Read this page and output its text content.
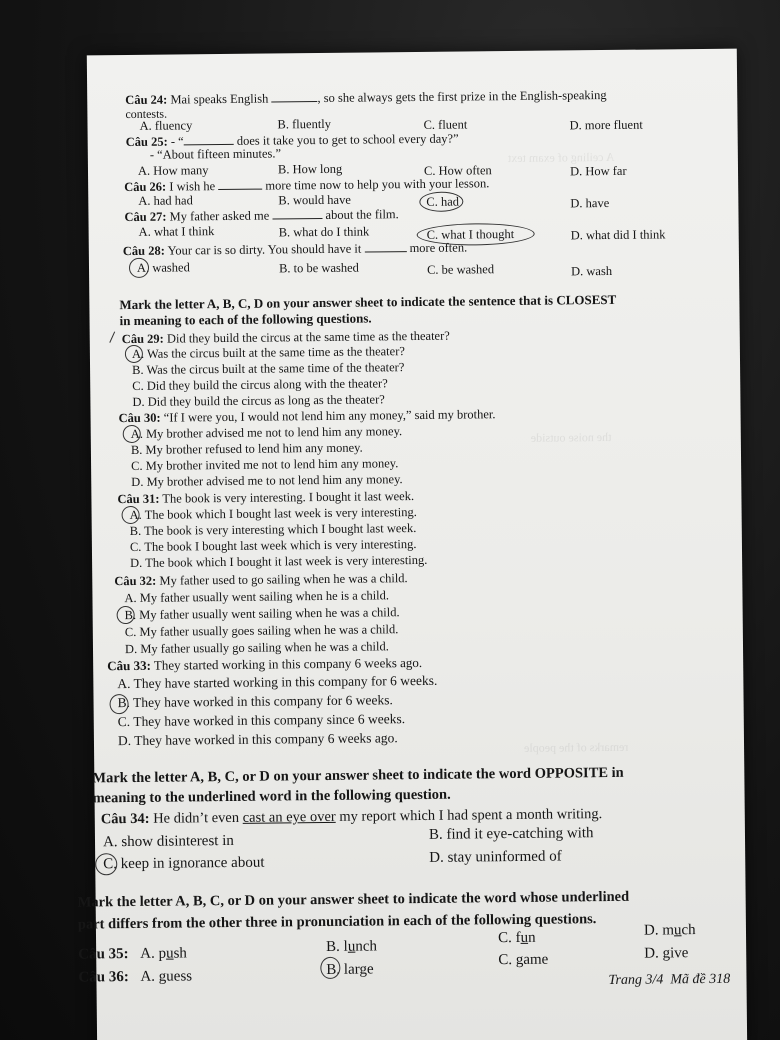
A ceiling of exam text
the noise outside
remarks of the people
Câu 24: Mai speaks English	, so she always gets the first prize in the English-speaking
contests.
A. fluency	B. fluently	C. fluent	D. more fluent
Câu 25: - “	does it take you to get to school every day?”
- “About fifteen minutes.”
A. How many	B. How long	C. How often	D. How far
Câu 26: I wish he	more time now to help you with your lesson.
A. had had	B. would have	C. had	D. have
Câu 27: My father asked me	about the film.
A. what I think	B. what do I think	C. what I thought	D. what did I think
Câu 28: Your car is so dirty. You should have it	more often.
A. washed	B. to be washed	C. be washed	D. wash
Mark the letter A, B, C, D on your answer sheet to indicate the sentence that is CLOSEST
in meaning to each of the following questions.
Câu 29: Did they build the circus at the same time as the theater?
A. Was the circus built at the same time as the theater?
B. Was the circus built at the same time of the theater?
C. Did they build the circus along with the theater?
D. Did they build the circus as long as the theater?
Câu 30: “If I were you, I would not lend him any money,” said my brother.
A. My brother advised me not to lend him any money.
B. My brother refused to lend him any money.
C. My brother invited me not to lend him any money.
D. My brother advised me to not lend him any money.
Câu 31: The book is very interesting. I bought it last week.
A. The book which I bought last week is very interesting.
B. The book is very interesting which I bought last week.
C. The book I bought last week which is very interesting.
D. The book which I bought it last week is very interesting.
Câu 32: My father used to go sailing when he was a child.
A. My father usually went sailing when he is a child.
B. My father usually went sailing when he was a child.
C. My father usually goes sailing when he was a child.
D. My father usually go sailing when he was a child.
Câu 33: They started working in this company 6 weeks ago.
A. They have started working in this company for 6 weeks.
B. They have worked in this company for 6 weeks.
C. They have worked in this company since 6 weeks.
D. They have worked in this company 6 weeks ago.
Mark the letter A, B, C, or D on your answer sheet to indicate the word OPPOSITE in
meaning to the underlined word in the following question.
Câu 34: He didn’t even cast an eye over my report which I had spent a month writing.
A. show disinterest in	B. find it eye-catching with
C. keep in ignorance about	D. stay uninformed of
Mark the letter A, B, C, or D on your answer sheet to indicate the word whose underlined
part differs from the other three in pronunciation in each of the following questions.
Câu 35: A. push	B. lunch
C. fun	D. much
Câu 36: A. guess	B. large
C. game	D. give
Trang 3/4 Mã đề 318
